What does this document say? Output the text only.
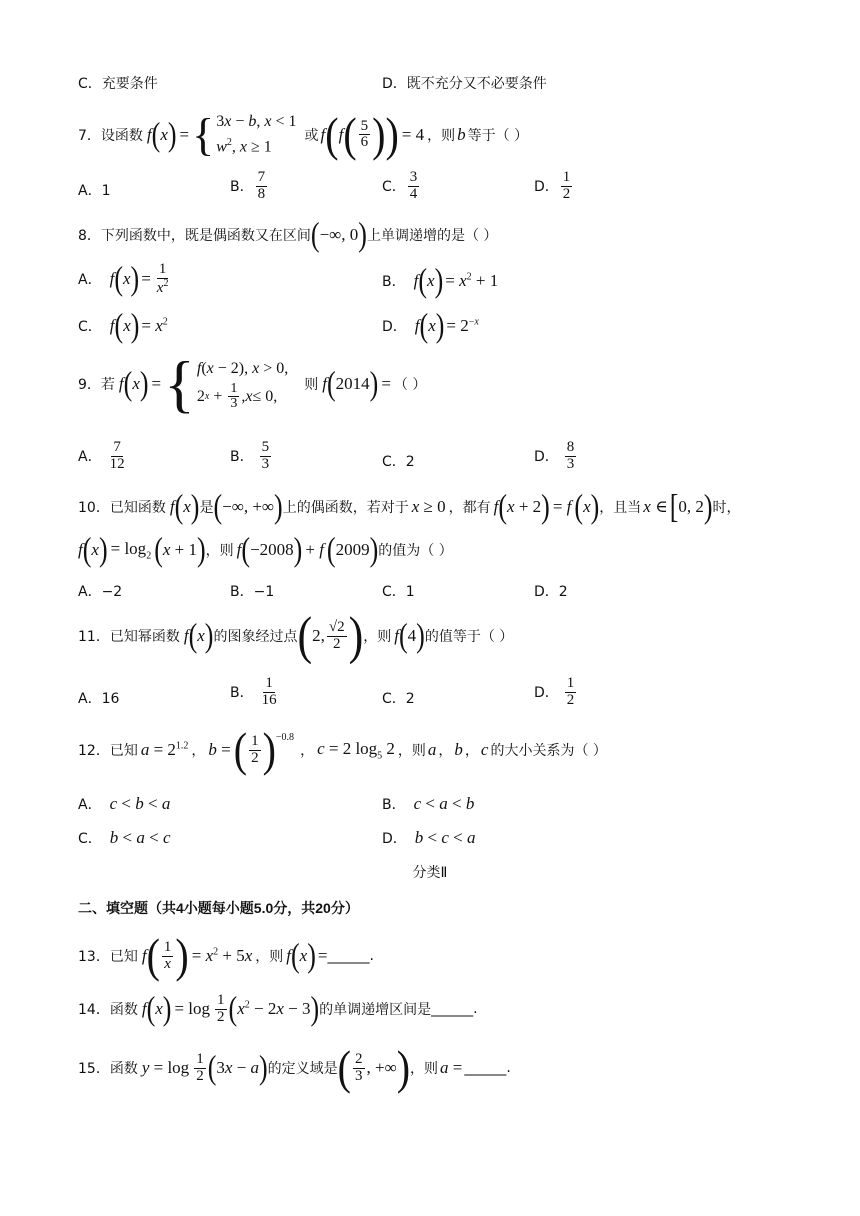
C．充要条件	D．既不充分又不必要条件
7．设函数 f ( x ) = { 3x − b, x < 1
$w^2$, x ≥ 1
或 f ( f ( $\frac{5}{6}$ ) ) = 4 ，则 b 等于（ ）
A．1	B． $\frac{7}{8}$	C． $\frac{3}{4}$	D． $\frac{1}{2}$
8．下列函数中，既是偶函数又在区间 ( −∞, 0 ) 上单调递增的是（ ）
A． f ( x ) = $\frac{1}{x^2}$	B． f ( x ) = $x^2 + 1$
C． f ( x ) = $x^2$	D． f ( x ) = $2^{-x}$
9．若 f ( x ) = { f(x − 2), x > 0,
2 $x + \frac{1}{3}$ , x ≤ 0,
则 f ( 2014 ) = （ ）
A． $\frac{7}{12}$	B． $\frac{5}{3}$	C．2	D． $\frac{8}{3}$
10．已知函数 f ( x ) 是 ( −∞, +∞ ) 上的偶函数，若对于 x ≥ 0 ，都有 f ( x + 2 ) = f ( x ) ，且当 x ∈ [ 0, 2 ) 时，
f ( x ) = $\log_2$ ( x + 1 ) ，则 f ( −2008 ) + f ( 2009 ) 的值为（ ）
A．−2	B．−1	C．1	D．2
11．已知幂函数 f ( x ) 的图象经过点 ( 2, $\frac{√2}{2}$ ) ，则 f ( 4 ) 的值等于（ ）
A．16	B． $\frac{1}{16}$	C．2	D． $\frac{1}{2}$
12．已知 $a = 2^{1.2}$ ， b = ( $\frac{1}{2} )^{-0.8}$
， c = 2 $\log_5 2$ ，则 a ， b ， c 的大小关系为（ ）
A． c < b < a	B． c < a < b
C． b < a < c	D． b < c < a
分类Ⅱ
二、填空题（共4小题每小题5.0分，共20分）
13．已知 f ( $\frac{1}{x}$ ) = $x^2 + 5x$ ，则 f ( x ) = ______.
14．函数 f ( x ) = $\log \frac{1}{2}$ ( $x^2 - 2x - 3$ ) 的单调递增区间是 ______.
15．函数 $y = \log \frac{1}{2}$ ( 3x − a ) 的定义域是 ( $\frac{2}{3}$ , +∞ ) ，则 a = ______.
